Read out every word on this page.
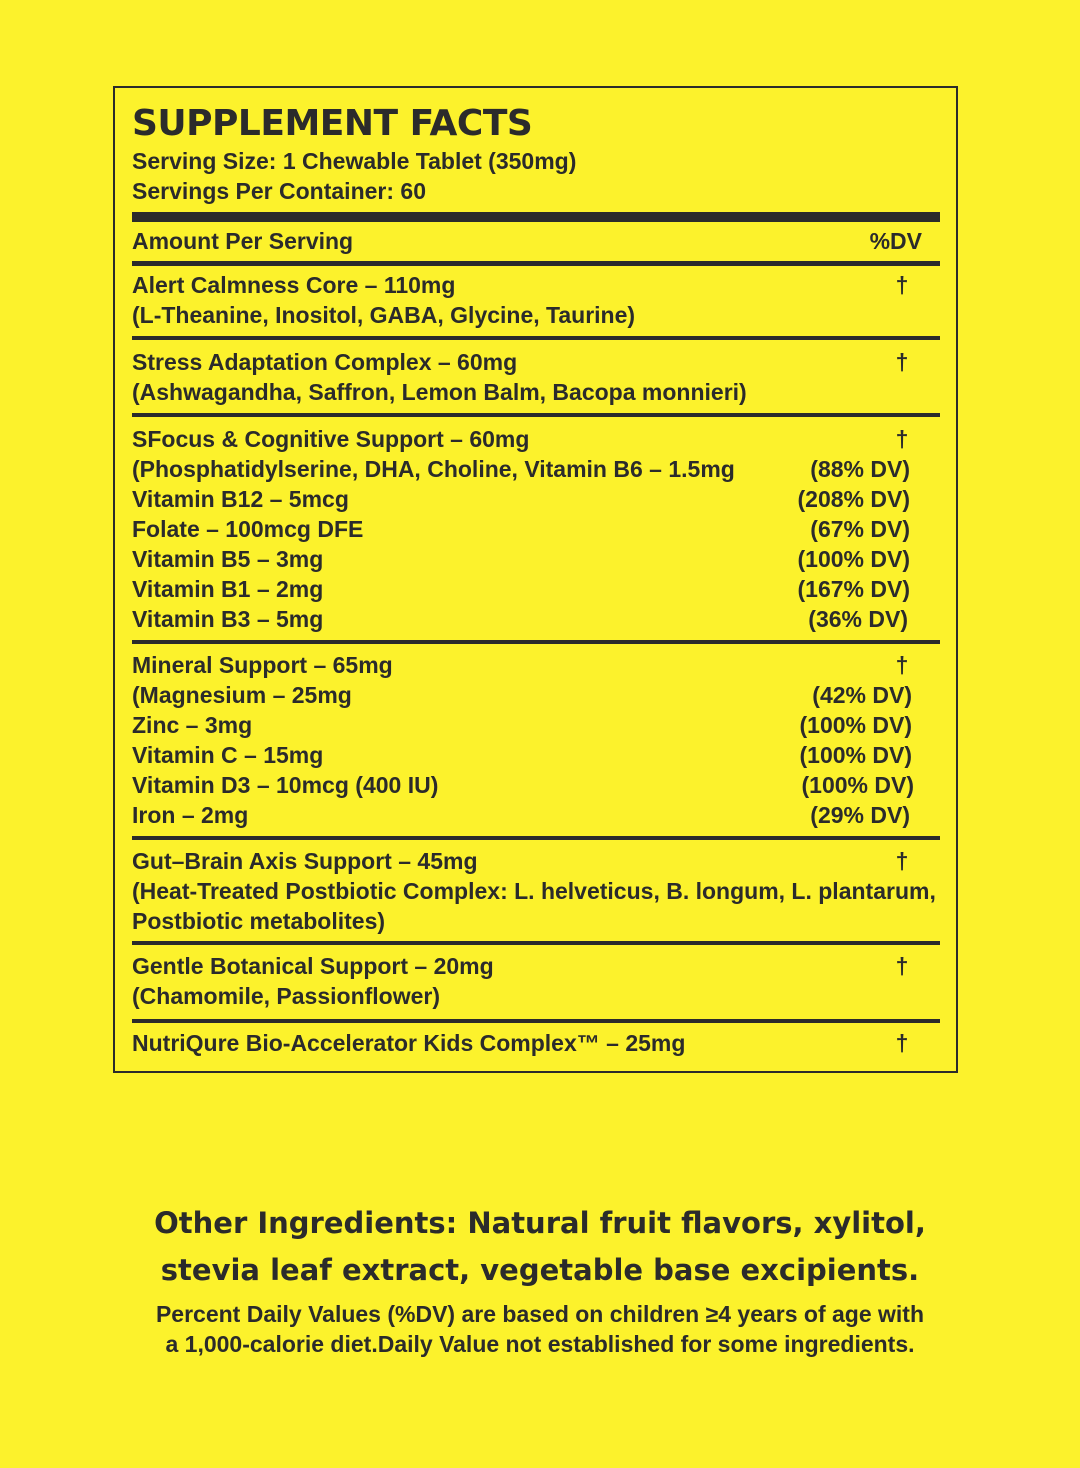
SUPPLEMENT FACTS

Serving Size: 1 Chewable Tablet (350mg)

Servings Per Container: 60

Amount Per Serving	%DV

Alert Calmness Core – 110mg	†

(L-Theanine, Inositol, GABA, Glycine, Taurine)

Stress Adaptation Complex – 60mg	†

(Ashwagandha, Saffron, Lemon Balm, Bacopa monnieri)

SFocus & Cognitive Support – 60mg	†

(Phosphatidylserine, DHA, Choline, Vitamin B6 – 1.5mg	(88% DV)

Vitamin B12 – 5mcg	(208% DV)

Folate – 100mcg DFE	(67% DV)

Vitamin B5 – 3mg	(100% DV)

Vitamin B1 – 2mg	(167% DV)

Vitamin B3 – 5mg	(36% DV)

Mineral Support – 65mg	†

(Magnesium – 25mg	(42% DV)

Zinc – 3mg	(100% DV)

Vitamin C – 15mg	(100% DV)

Vitamin D3 – 10mcg (400 IU)	(100% DV)

Iron – 2mg	(29% DV)

Gut–Brain Axis Support – 45mg	†

(Heat-Treated Postbiotic Complex: L. helveticus, B. longum, L. plantarum,

Postbiotic metabolites)

Gentle Botanical Support – 20mg	†

(Chamomile, Passionflower)

NutriQure Bio-Accelerator Kids Complex™ – 25mg	†
Other Ingredients: Natural fruit flavors, xylitol,
stevia leaf extract, vegetable base excipients.
Percent Daily Values (%DV) are based on children ≥4 years of age with
a 1,000-calorie diet.Daily Value not established for some ingredients.
